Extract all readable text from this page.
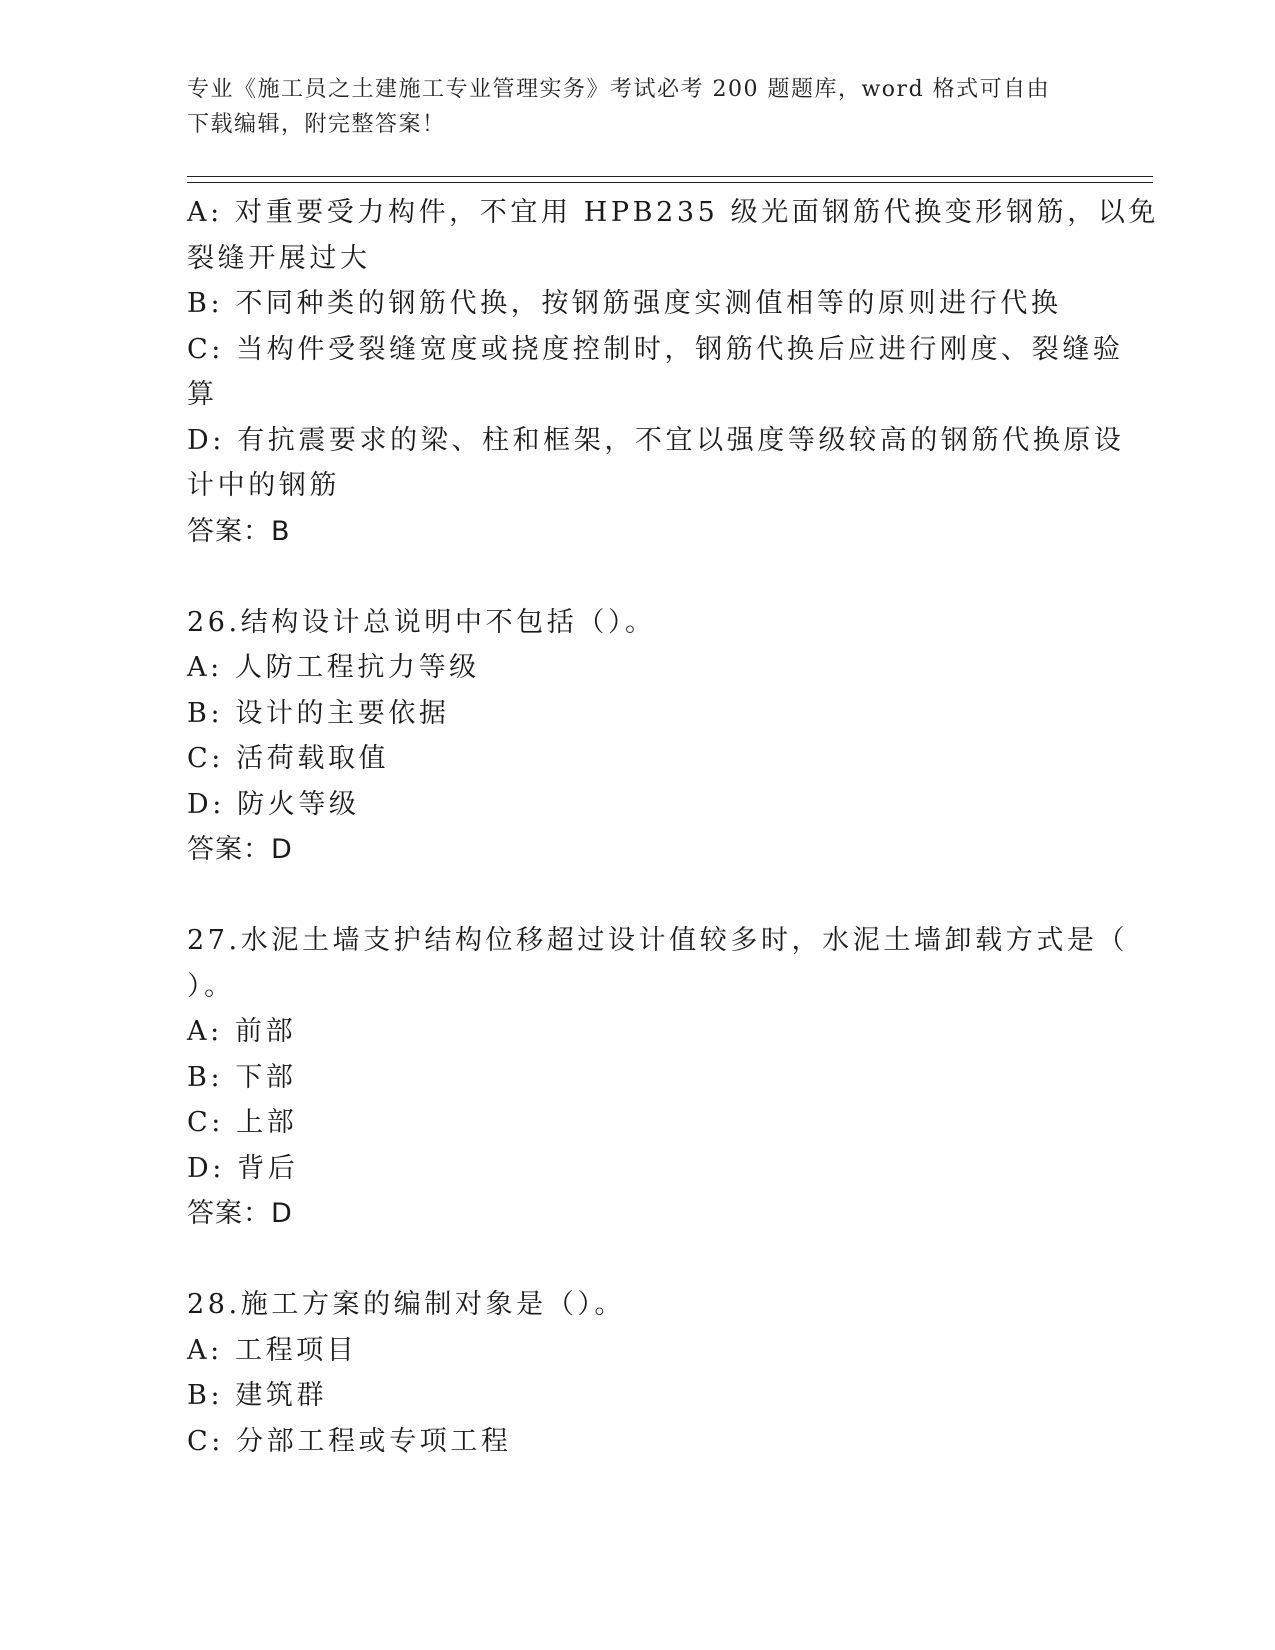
专业《施工员之土建施工专业管理实务》考试必考 200 题题库，word 格式可自由
下载编辑，附完整答案！
A: 对重要受力构件，不宜用 HPB235 级光面钢筋代换变形钢筋，以免
裂缝开展过大
B: 不同种类的钢筋代换，按钢筋强度实测值相等的原则进行代换
C: 当构件受裂缝宽度或挠度控制时，钢筋代换后应进行刚度、裂缝验
算
D: 有抗震要求的梁、柱和框架，不宜以强度等级较高的钢筋代换原设
计中的钢筋
答案：B
26.结构设计总说明中不包括（）。
A: 人防工程抗力等级
B: 设计的主要依据
C: 活荷载取值
D: 防火等级
答案：D
27.水泥土墙支护结构位移超过设计值较多时，水泥土墙卸载方式是（
）。
A: 前部
B: 下部
C: 上部
D: 背后
答案：D
28.施工方案的编制对象是（）。
A: 工程项目
B: 建筑群
C: 分部工程或专项工程
